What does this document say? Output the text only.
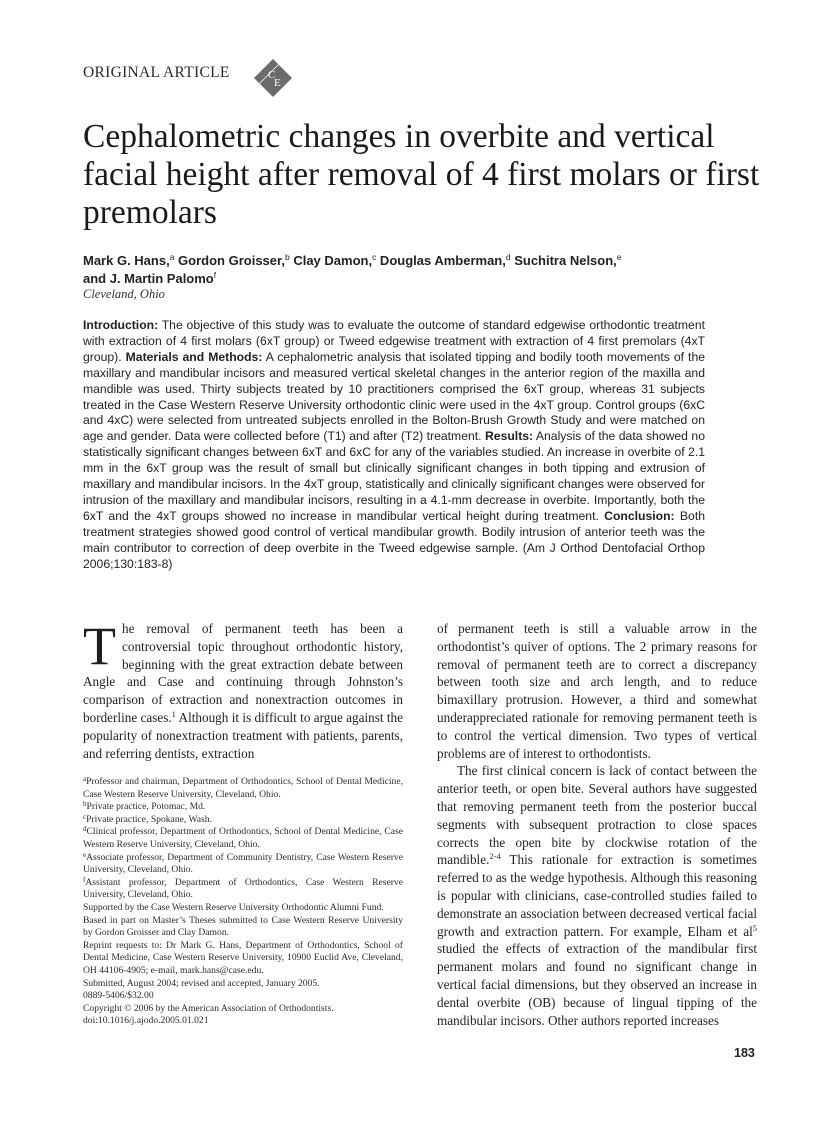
ORIGINAL ARTICLE	C
E
Cephalometric changes in overbite and vertical facial height after removal of 4 first molars or first premolars
Mark G. Hans,$^a$ Gordon Groisser,$^b$ Clay Damon,$^c$ Douglas Amberman,$^d$ Suchitra Nelson,$^e$
and J. Martin Palomo$^f$
Cleveland, Ohio

Introduction: The objective of this study was to evaluate the outcome of standard edgewise orthodontic treatment with extraction of 4 first molars (6xT group) or Tweed edgewise treatment with extraction of 4 first premolars (4xT group). Materials and Methods: A cephalometric analysis that isolated tipping and bodily tooth movements of the maxillary and mandibular incisors and measured vertical skeletal changes in the anterior region of the maxilla and mandible was used. Thirty subjects treated by 10 practitioners comprised the 6xT group, whereas 31 subjects treated in the Case Western Reserve University orthodontic clinic were used in the 4xT group. Control groups (6xC and 4xC) were selected from untreated subjects enrolled in the Bolton-Brush Growth Study and were matched on age and gender. Data were collected before (T1) and after (T2) treatment. Results: Analysis of the data showed no statistically significant changes between 6xT and 6xC for any of the variables studied. An increase in overbite of 2.1 mm in the 6xT group was the result of small but clinically significant changes in both tipping and extrusion of maxillary and mandibular incisors. In the 4xT group, statistically and clinically significant changes were observed for intrusion of the maxillary and mandibular incisors, resulting in a 4.1-mm decrease in overbite. Importantly, both the 6xT and the 4xT groups showed no increase in mandibular vertical height during treatment. Conclusion: Both treatment strategies showed good control of vertical mandibular growth. Bodily intrusion of anterior teeth was the main contributor to correction of deep overbite in the Tweed edgewise sample. (Am J Orthod Dentofacial Orthop 2006;130:183-8)

The removal of permanent teeth has been a controversial topic throughout orthodontic history, beginning with the great extraction debate between Angle and Case and continuing through Johnston’s comparison of extraction and nonextraction outcomes in borderline cases.$^1$ Although it is difficult to argue against the popularity of nonextraction treatment with patients, parents, and referring dentists, extraction

$^a$Professor and chairman, Department of Orthodontics, School of Dental Medicine, Case Western Reserve University, Cleveland, Ohio.

$^b$Private practice, Potomac, Md.

$^c$Private practice, Spokane, Wash.

$^d$Clinical professor, Department of Orthodontics, School of Dental Medicine, Case Western Reserve University, Cleveland, Ohio.

$^e$Associate professor, Department of Community Dentistry, Case Western Reserve University, Cleveland, Ohio.

$^f$Assistant professor, Department of Orthodontics, Case Western Reserve University, Cleveland, Ohio.

Supported by the Case Western Reserve University Orthodontic Alumni Fund.

Based in part on Master’s Theses submitted to Case Western Reserve University by Gordon Groisser and Clay Damon.

Reprint requests to: Dr Mark G. Hans, Department of Orthodontics, School of Dental Medicine, Case Western Reserve University, 10900 Euclid Ave, Cleveland, OH 44106-4905; e-mail, mark.hans@case.edu.

Submitted, August 2004; revised and accepted, January 2005.

0889-5406/$32.00

Copyright © 2006 by the American Association of Orthodontists.

doi:10.1016/j.ajodo.2005.01.021

of permanent teeth is still a valuable arrow in the orthodontist’s quiver of options. The 2 primary reasons for removal of permanent teeth are to correct a discrepancy between tooth size and arch length, and to reduce bimaxillary protrusion. However, a third and somewhat underappreciated rationale for removing permanent teeth is to control the vertical dimension. Two types of vertical problems are of interest to orthodontists.

The first clinical concern is lack of contact between the anterior teeth, or open bite. Several authors have suggested that removing permanent teeth from the posterior buccal segments with subsequent protraction to close spaces corrects the open bite by clockwise rotation of the mandible.$^{2-4}$ This rationale for extraction is sometimes referred to as the wedge hypothesis. Although this reasoning is popular with clinicians, case-controlled studies failed to demonstrate an association between decreased vertical facial growth and extraction pattern. For example, Elham et $al^5$ studied the effects of extraction of the mandibular first permanent molars and found no significant change in vertical facial dimensions, but they observed an increase in dental overbite (OB) because of lingual tipping of the mandibular incisors. Other authors reported increases

183
